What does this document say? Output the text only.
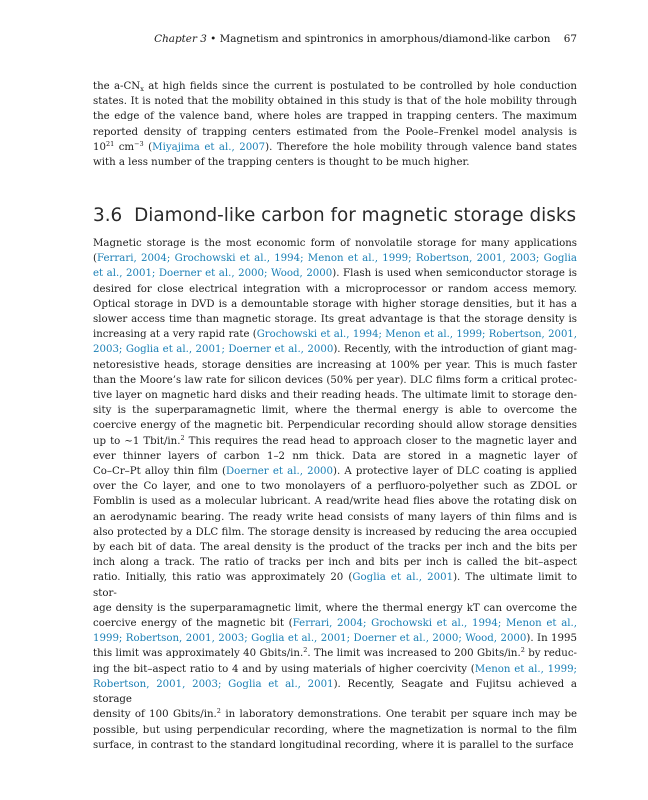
Chapter 3 • Magnetism and spintronics in amorphous/diamond-like carbon 67
the $a-CN_x$ at high fields since the current is postulated to be controlled by hole conduction
states. It is noted that the mobility obtained in this study is that of the hole mobility through
the edge of the valence band, where holes are trapped in trapping centers. The maximum
reported density of trapping centers estimated from the Poole–Frenkel model analysis is
$10^{21}$ $cm^{-3}$ (Miyajima et al., 2007). Therefore the hole mobility through valence band states
with a less number of the trapping centers is thought to be much higher.
3.6 Diamond-like carbon for magnetic storage disks
Magnetic storage is the most economic form of nonvolatile storage for many applications
(Ferrari, 2004; Grochowski et al., 1994; Menon et al., 1999; Robertson, 2001, 2003; Goglia
et al., 2001; Doerner et al., 2000; Wood, 2000). Flash is used when semiconductor storage is
desired for close electrical integration with a microprocessor or random access memory.
Optical storage in DVD is a demountable storage with higher storage densities, but it has a
slower access time than magnetic storage. Its great advantage is that the storage density is
increasing at a very rapid rate (Grochowski et al., 1994; Menon et al., 1999; Robertson, 2001,
2003; Goglia et al., 2001; Doerner et al., 2000). Recently, with the introduction of giant mag-
netoresistive heads, storage densities are increasing at 100% per year. This is much faster
than the Moore’s law rate for silicon devices (50% per year). DLC films form a critical protec-
tive layer on magnetic hard disks and their reading heads. The ultimate limit to storage den-
sity is the superparamagnetic limit, where the thermal energy is able to overcome the
coercive energy of the magnetic bit. Perpendicular recording should allow storage densities
up to ∼1 Tbit/in.$^2$ This requires the read head to approach closer to the magnetic layer and
ever thinner layers of carbon 1–2 nm thick. Data are stored in a magnetic layer of
Co–Cr–Pt alloy thin film (Doerner et al., 2000). A protective layer of DLC coating is applied
over the Co layer, and one to two monolayers of a perfluoro-polyether such as ZDOL or
Fomblin is used as a molecular lubricant. A read/write head flies above the rotating disk on
an aerodynamic bearing. The ready write head consists of many layers of thin films and is
also protected by a DLC film. The storage density is increased by reducing the area occupied
by each bit of data. The areal density is the product of the tracks per inch and the bits per
inch along a track. The ratio of tracks per inch and bits per inch is called the bit–aspect
ratio. Initially, this ratio was approximately 20 (Goglia et al., 2001). The ultimate limit to stor-
age density is the superparamagnetic limit, where the thermal energy kT can overcome the
coercive energy of the magnetic bit (Ferrari, 2004; Grochowski et al., 1994; Menon et al.,
1999; Robertson, 2001, 2003; Goglia et al., 2001; Doerner et al., 2000; Wood, 2000). In 1995
this limit was approximately 40 Gbits/in.$^2$. The limit was increased to 200 Gbits/in.$^2$ by reduc-
ing the bit–aspect ratio to 4 and by using materials of higher coercivity (Menon et al., 1999;
Robertson, 2001, 2003; Goglia et al., 2001). Recently, Seagate and Fujitsu achieved a storage
density of 100 Gbits/in.$^2$ in laboratory demonstrations. One terabit per square inch may be
possible, but using perpendicular recording, where the magnetization is normal to the film
surface, in contrast to the standard longitudinal recording, where it is parallel to the surface
